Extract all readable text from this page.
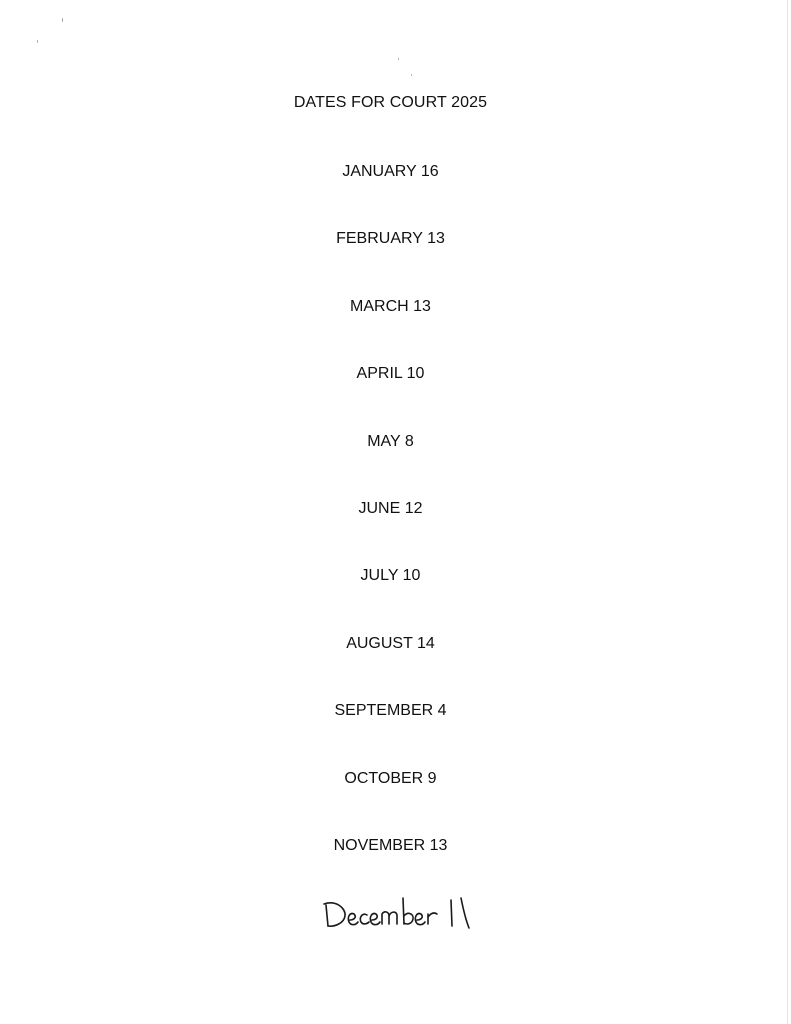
DATES FOR COURT 2025
JANUARY 16
FEBRUARY 13
MARCH 13
APRIL 10
MAY 8
JUNE 12
JULY 10
AUGUST 14
SEPTEMBER 4
OCTOBER 9
NOVEMBER 13
